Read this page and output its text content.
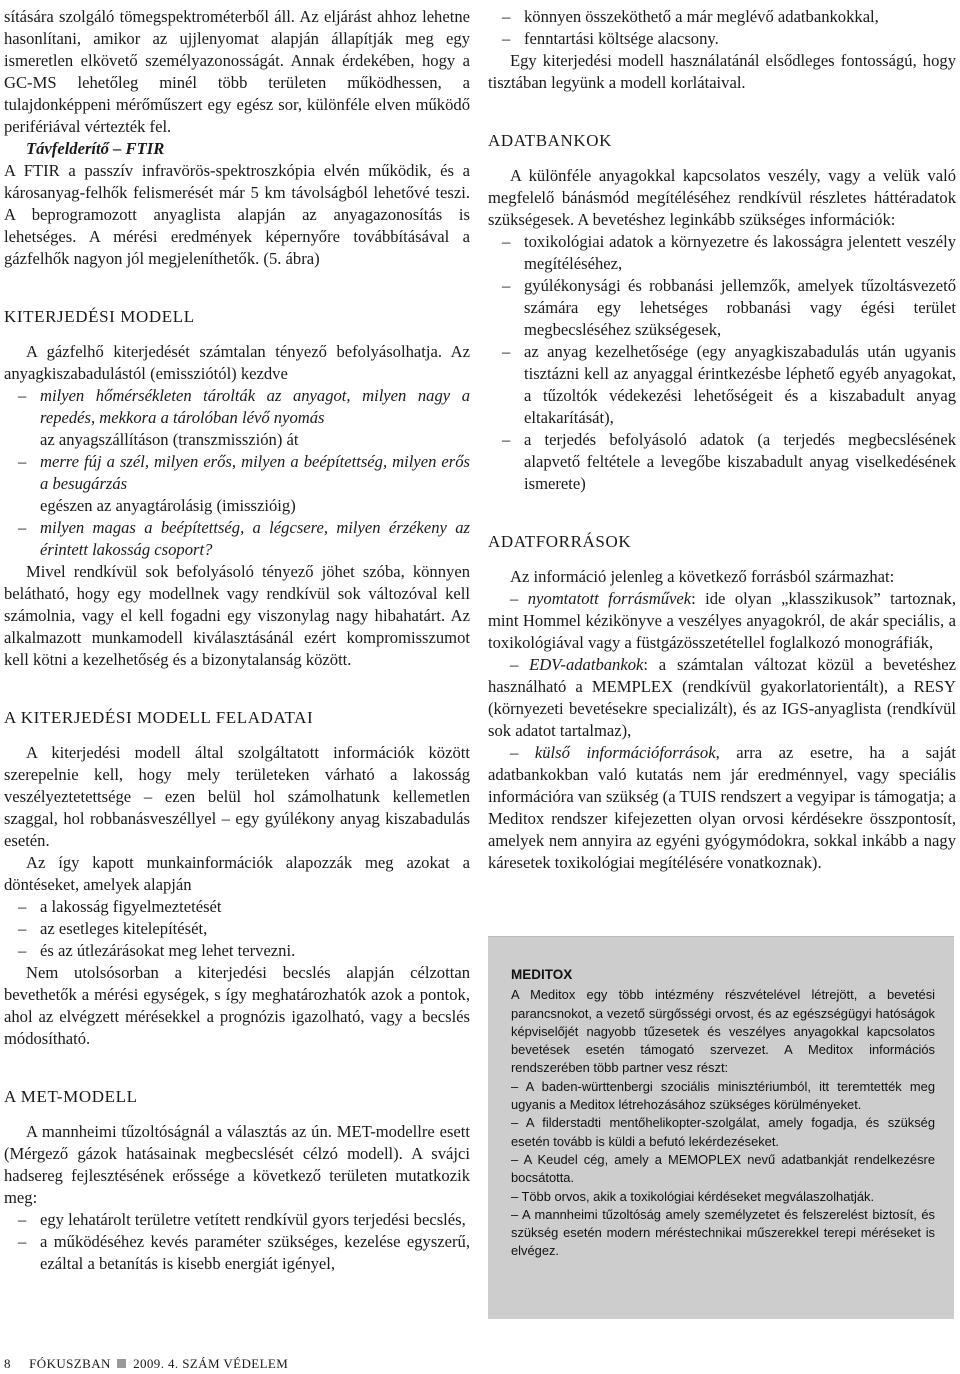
sítására szolgáló tömegspektrométerből áll. Az eljárást ahhoz lehetne hasonlítani, amikor az ujjlenyomat alapján állapítják meg egy ismeretlen elkövető személyazonosságát. Annak érdekében, hogy a GC-MS lehetőleg minél több területen működhessen, a tulajdonképpeni mérőműszert egy egész sor, különféle elven működő perifériával vértezték fel.

Távfelderítő – FTIR

A FTIR a passzív infravörös-spektroszkópia elvén működik, és a károsanyag-felhők felismerését már 5 km távolságból lehetővé teszi. A beprogramozott anyaglista alapján az anyagazonosítás is lehetséges. A mérési eredmények képernyőre továbbításával a gázfelhők nagyon jól megjeleníthetők. (5. ábra)

KITERJEDÉSI MODELL

A gázfelhő kiterjedését számtalan tényező befolyásolhatja. Az anyagkiszabadulástól (emissziótól) kezdve

– milyen hőmérsékleten tárolták az anyagot, milyen nagy a repedés, mekkora a tárolóban lévő nyomás
az anyagszállításon (transzmisszión) át
– merre fúj a szél, milyen erős, milyen a beépítettség, milyen erős a besugárzás
egészen az anyagtárolásig (imisszióig)
– milyen magas a beépítettség, a légcsere, milyen érzékeny az érintett lakosság csoport?

Mivel rendkívül sok befolyásoló tényező jöhet szóba, könnyen belátható, hogy egy modellnek vagy rendkívül sok változóval kell számolnia, vagy el kell fogadni egy viszonylag nagy hibahatárt. Az alkalmazott munkamodell kiválasztásánál ezért kompromisszumot kell kötni a kezelhetőség és a bizonytalanság között.

A KITERJEDÉSI MODELL FELADATAI

A kiterjedési modell által szolgáltatott információk között szerepelnie kell, hogy mely területeken várható a lakosság veszélyeztetettsége – ezen belül hol számolhatunk kellemetlen szaggal, hol robbanásveszéllyel – egy gyúlékony anyag kiszabadulás esetén.

Az így kapott munkainformációk alapozzák meg azokat a döntéseket, amelyek alapján

– a lakosság figyelmeztetését
– az esetleges kitelepítését,
– és az útlezárásokat meg lehet tervezni.

Nem utolsósorban a kiterjedési becslés alapján célzottan bevethetők a mérési egységek, s így meghatározhatók azok a pontok, ahol az elvégzett mérésekkel a prognózis igazolható, vagy a becslés módosítható.

A MET-MODELL

A mannheimi tűzoltóságnál a választás az ún. MET-modellre esett (Mérgező gázok hatásainak megbecslését célzó modell). A svájci hadsereg fejlesztésének erőssége a következő területen mutatkozik meg:

– egy lehatárolt területre vetített rendkívül gyors terjedési becslés,
– a működéséhez kevés paraméter szükséges, kezelése egyszerű, ezáltal a betanítás is kisebb energiát igényel,
– könnyen összeköthető a már meglévő adatbankokkal,
– fenntartási költsége alacsony.

Egy kiterjedési modell használatánál elsődleges fontosságú, hogy tisztában legyünk a modell korlátaival.

ADATBANKOK

A különféle anyagokkal kapcsolatos veszély, vagy a velük való megfelelő bánásmód megítéléséhez rendkívül részletes háttéradatok szükségesek. A bevetéshez leginkább szükséges információk:

– toxikológiai adatok a környezetre és lakosságra jelentett veszély megítéléséhez,
– gyúlékonysági és robbanási jellemzők, amelyek tűzoltásvezető számára egy lehetséges robbanási vagy égési terület megbecsléséhez szükségesek,
– az anyag kezelhetősége (egy anyagkiszabadulás után ugyanis tisztázni kell az anyaggal érintkezésbe léphető egyéb anyagokat, a tűzoltók védekezési lehetőségeit és a kiszabadult anyag eltakarítását),
– a terjedés befolyásoló adatok (a terjedés megbecslésének alapvető feltétele a levegőbe kiszabadult anyag viselkedésének ismerete)
ADATFORRÁSOK

Az információ jelenleg a következő forrásból származhat:

– nyomtatott forrásművek: ide olyan „klasszikusok” tartoznak, mint Hommel kézikönyve a veszélyes anyagokról, de akár speciális, a toxikológiával vagy a füstgázösszetétellel foglalkozó monográfiák,

– EDV-adatbankok: a számtalan változat közül a bevetéshez használható a MEMPLEX (rendkívül gyakorlatorientált), a RESY (környezeti bevetésekre specializált), és az IGS-anyaglista (rendkívül sok adatot tartalmaz),

– külső információforrások, arra az esetre, ha a saját adatbankokban való kutatás nem jár eredménnyel, vagy speciális információra van szükség (a TUIS rendszert a vegyipar is támogatja; a Meditox rendszer kifejezetten olyan orvosi kérdésekre összpontosít, amelyek nem annyira az egyéni gyógymódokra, sokkal inkább a nagy káresetek toxikológiai megítélésére vonatkoznak).

MEDITOX

A Meditox egy több intézmény részvételével létrejött, a bevetési parancsnokot, a vezető sürgősségi orvost, és az egészségügyi hatóságok képviselőjét nagyobb tűzesetek és veszélyes anyagokkal kapcsolatos bevetések esetén támogató szervezet. A Meditox információs rendszerében több partner vesz részt:

– A baden-württenbergi szociális minisztériumból, itt teremtették meg ugyanis a Meditox létrehozásához szükséges körülményeket.

– A filderstadti mentőhelikopter-szolgálat, amely fogadja, és szükség esetén tovább is küldi a befutó lekérdezéseket.

– A Keudel cég, amely a MEMOPLEX nevű adatbankját rendelkezésre bocsátotta.

– Több orvos, akik a toxikológiai kérdéseket megválaszolhatják.

– A mannheimi tűzoltóság amely személyzetet és felszerelést biztosít, és szükség esetén modern méréstechnikai műszerekkel terepi méréseket is elvégez.

8 FÓKUSZBAN 2009. 4. SZÁM VÉDELEM
